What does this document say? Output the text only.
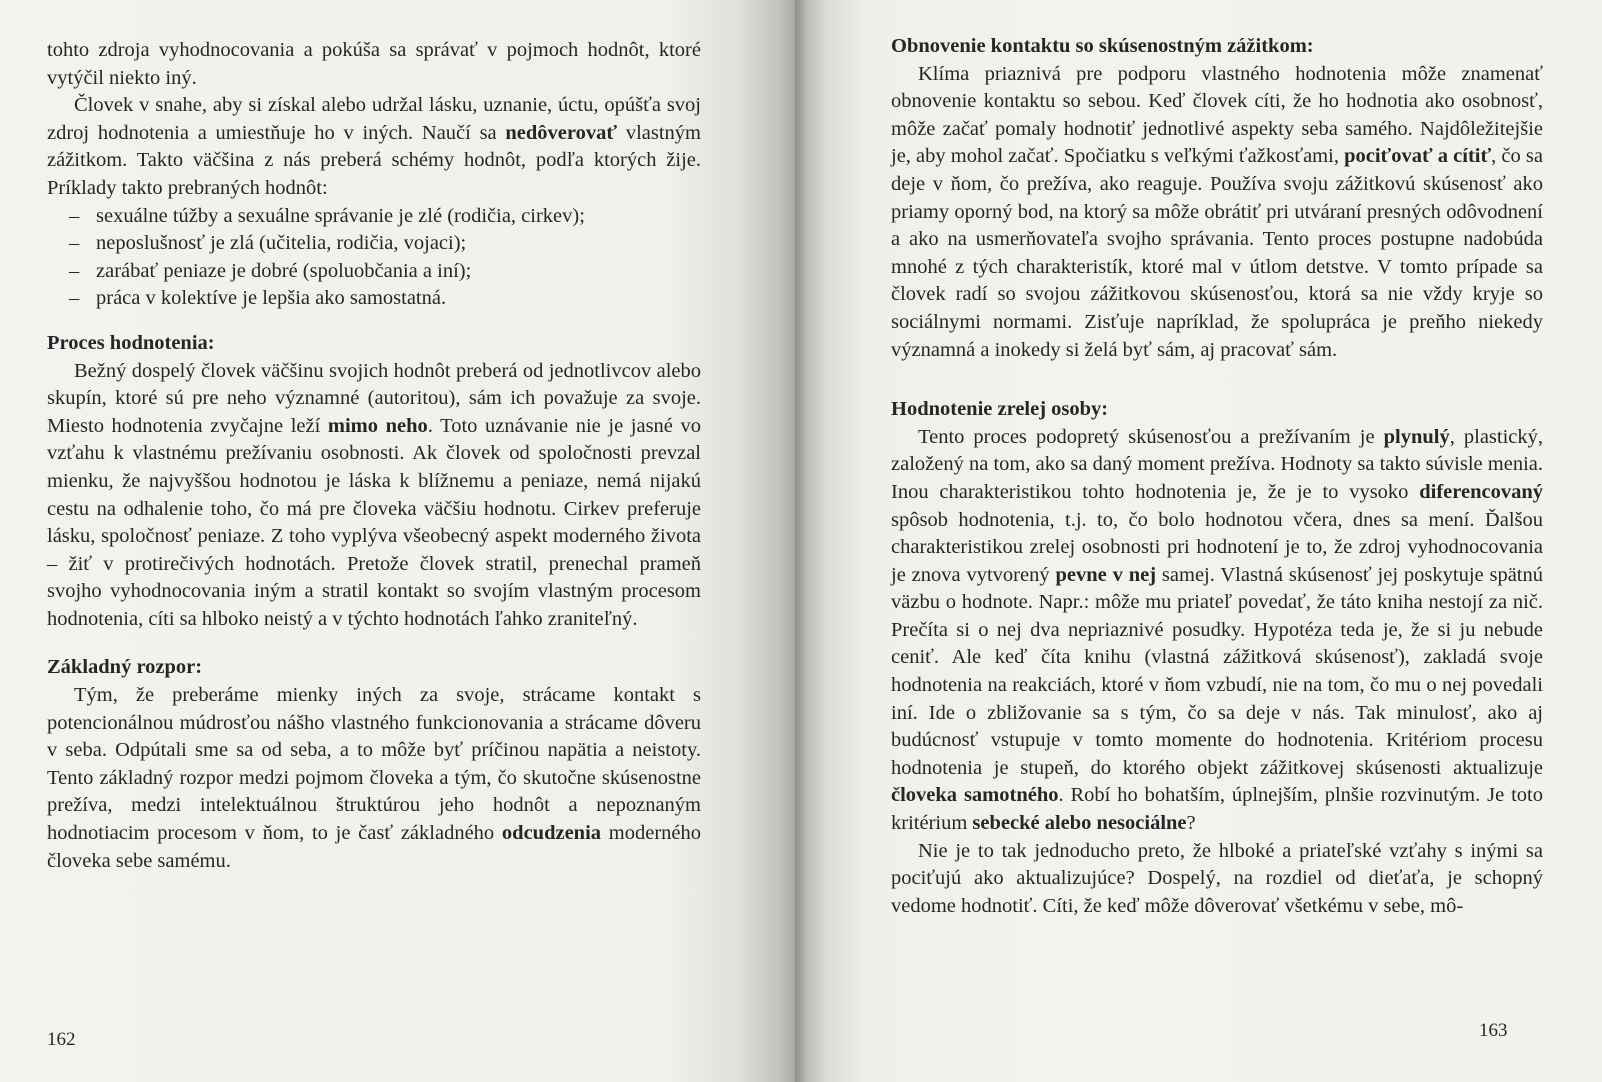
tohto zdroja vyhodnocovania a pokúša sa správať v pojmoch hodnôt, ktoré vytýčil niekto iný.

Človek v snahe, aby si získal alebo udržal lásku, uznanie, úctu, opúšťa svoj zdroj hodnotenia a umiestňuje ho v iných. Naučí sa nedôverovať vlastným zážitkom. Takto väčšina z nás preberá schémy hodnôt, podľa ktorých žije. Príklady takto prebraných hodnôt:

– sexuálne túžby a sexuálne správanie je zlé (rodičia, cirkev);
– neposlušnosť je zlá (učitelia, rodičia, vojaci);
– zarábať peniaze je dobré (spoluobčania a iní);
– práca v kolektíve je lepšia ako samostatná.
Proces hodnotenia:

Bežný dospelý človek väčšinu svojich hodnôt preberá od jednotlivcov alebo skupín, ktoré sú pre neho významné (autoritou), sám ich považuje za svoje. Miesto hodnotenia zvyčajne leží mimo neho. Toto uznávanie nie je jasné vo vzťahu k vlastnému prežívaniu osobnosti. Ak človek od spoločnosti prevzal mienku, že najvyššou hodnotou je láska k blížnemu a peniaze, nemá nijakú cestu na odhalenie toho, čo má pre človeka väčšiu hodnotu. Cirkev preferuje lásku, spoločnosť peniaze. Z toho vyplýva všeobecný aspekt moderného života – žiť v protirečivých hodnotách. Pretože človek stratil, prenechal prameň svojho vyhodnocovania iným a stratil kontakt so svojím vlastným procesom hodnotenia, cíti sa hlboko neistý a v týchto hodnotách ľahko zraniteľný.

Základný rozpor:

Tým, že preberáme mienky iných za svoje, strácame kontakt s potencionálnou múdrosťou nášho vlastného funkcionovania a strácame dôveru v seba. Odpútali sme sa od seba, a to môže byť príčinou napätia a neistoty. Tento základný rozpor medzi pojmom človeka a tým, čo skutočne skúsenostne prežíva, medzi intelektuálnou štruktúrou jeho hodnôt a nepoznaným hodnotiacim procesom v ňom, to je časť základného odcudzenia moderného človeka sebe samému.

162
Obnovenie kontaktu so skúsenostným zážitkom:

Klíma priaznivá pre podporu vlastného hodnotenia môže znamenať obnovenie kontaktu so sebou. Keď človek cíti, že ho hodnotia ako osobnosť, môže začať pomaly hodnotiť jednotlivé aspekty seba samého. Najdôležitejšie je, aby mohol začať. Spočiatku s veľkými ťažkosťami, pociťovať a cítiť, čo sa deje v ňom, čo prežíva, ako reaguje. Používa svoju zážitkovú skúsenosť ako priamy oporný bod, na ktorý sa môže obrátiť pri utváraní presných odôvodnení a ako na usmerňovateľa svojho správania. Tento proces postupne nadobúda mnohé z tých charakteristík, ktoré mal v útlom detstve. V tomto prípade sa človek radí so svojou zážitkovou skúsenosťou, ktorá sa nie vždy kryje so sociálnymi normami. Zisťuje napríklad, že spolupráca je preňho niekedy významná a inokedy si želá byť sám, aj pracovať sám.

Hodnotenie zrelej osoby:

Tento proces podopretý skúsenosťou a prežívaním je plynulý, plastický, založený na tom, ako sa daný moment prežíva. Hodnoty sa takto súvisle menia. Inou charakteristikou tohto hodnotenia je, že je to vysoko diferencovaný spôsob hodnotenia, t.j. to, čo bolo hodnotou včera, dnes sa mení. Ďalšou charakteristikou zrelej osobnosti pri hodnotení je to, že zdroj vyhodnocovania je znova vytvorený pevne v nej samej. Vlastná skúsenosť jej poskytuje spätnú väzbu o hodnote. Napr.: môže mu priateľ povedať, že táto kniha nestojí za nič. Prečíta si o nej dva nepriaznivé posudky. Hypotéza teda je, že si ju nebude ceniť. Ale keď číta knihu (vlastná zážitková skúsenosť), zakladá svoje hodnotenia na reakciách, ktoré v ňom vzbudí, nie na tom, čo mu o nej povedali iní. Ide o zbližovanie sa s tým, čo sa deje v nás. Tak minulosť, ako aj budúcnosť vstupuje v tomto momente do hodnotenia. Kritériom procesu hodnotenia je stupeň, do ktorého objekt zážitkovej skúsenosti aktualizuje človeka samotného. Robí ho bohatším, úplnejším, plnšie rozvinutým. Je toto kritérium sebecké alebo nesociálne?

Nie je to tak jednoducho preto, že hlboké a priateľské vzťahy s inými sa pociťujú ako aktualizujúce? Dospelý, na rozdiel od dieťaťa, je schopný vedome hodnotiť. Cíti, že keď môže dôverovať všetkému v sebe, mô-

163
